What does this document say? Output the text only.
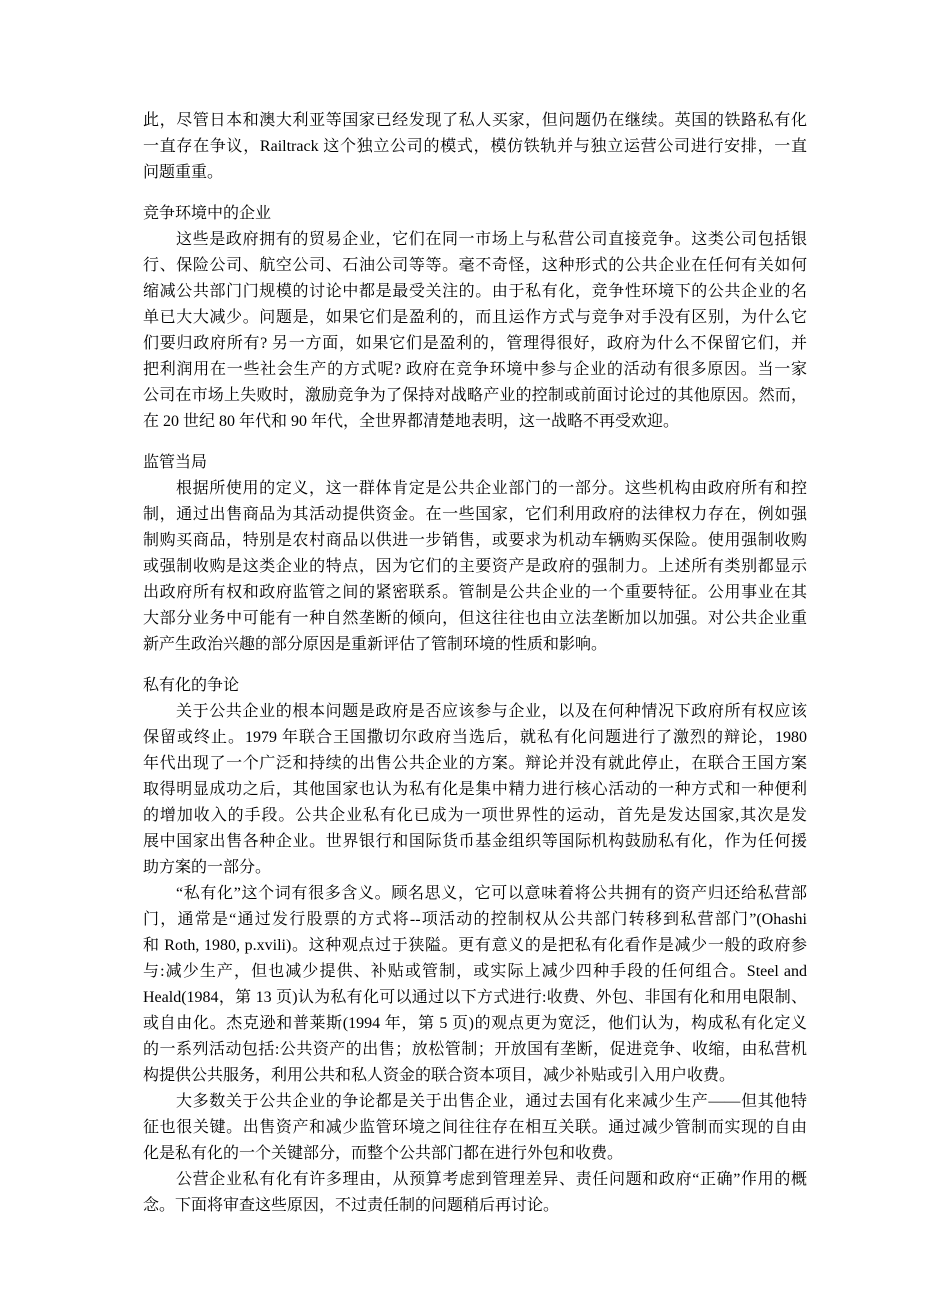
此，尽管日本和澳大利亚等国家已经发现了私人买家，但问题仍在继续。英国的铁路私有化
一直存在争议，Railtrack 这个独立公司的模式，模仿铁轨并与独立运营公司进行安排，一直
问题重重。
竞争环境中的企业
这些是政府拥有的贸易企业，它们在同一市场上与私营公司直接竞争。这类公司包括银
行、保险公司、航空公司、石油公司等等。毫不奇怪，这种形式的公共企业在任何有关如何
缩减公共部门门规模的讨论中都是最受关注的。由于私有化，竞争性环境下的公共企业的名
单已大大减少。问题是，如果它们是盈利的，而且运作方式与竞争对手没有区别，为什么它
们要归政府所有? 另一方面，如果它们是盈利的，管理得很好，政府为什么不保留它们，并
把利润用在一些社会生产的方式呢? 政府在竞争环境中参与企业的活动有很多原因。当一家
公司在市场上失败时，激励竞争为了保持对战略产业的控制或前面讨论过的其他原因。然而，
在 20 世纪 80 年代和 90 年代，全世界都清楚地表明，这一战略不再受欢迎。
监管当局
根据所使用的定义，这一群体肯定是公共企业部门的一部分。这些机构由政府所有和控
制，通过出售商品为其活动提供资金。在一些国家，它们利用政府的法律权力存在，例如强
制购买商品，特别是农村商品以供进一步销售，或要求为机动车辆购买保险。使用强制收购
或强制收购是这类企业的特点，因为它们的主要资产是政府的强制力。上述所有类别都显示
出政府所有权和政府监管之间的紧密联系。管制是公共企业的一个重要特征。公用事业在其
大部分业务中可能有一种自然垄断的倾向，但这往往也由立法垄断加以加强。对公共企业重
新产生政治兴趣的部分原因是重新评估了管制环境的性质和影响。
私有化的争论
关于公共企业的根本问题是政府是否应该参与企业，以及在何种情况下政府所有权应该
保留或终止。1979 年联合王国撒切尔政府当选后，就私有化问题进行了激烈的辩论，1980
年代出现了一个广泛和持续的出售公共企业的方案。辩论并没有就此停止，在联合王国方案
取得明显成功之后，其他国家也认为私有化是集中精力进行核心活动的一种方式和一种便利
的增加收入的手段。公共企业私有化已成为一项世界性的运动，首先是发达国家,其次是发
展中国家出售各种企业。世界银行和国际货币基金组织等国际机构鼓励私有化，作为任何援
助方案的一部分。
“私有化”这个词有很多含义。顾名思义，它可以意味着将公共拥有的资产归还给私营部
门，通常是“通过发行股票的方式将--项活动的控制权从公共部门转移到私营部门”(Ohashi
和 Roth, 1980, p.xvili)。这种观点过于狭隘。更有意义的是把私有化看作是减少一般的政府参
与:减少生产，但也减少提供、补贴或管制，或实际上减少四种手段的任何组合。Steel and
Heald(1984，第 13 页)认为私有化可以通过以下方式进行:收费、外包、非国有化和用电限制、
或自由化。杰克逊和普莱斯(1994 年，第 5 页)的观点更为宽泛，他们认为，构成私有化定义
的一系列活动包括:公共资产的出售；放松管制；开放国有垄断，促进竞争、收缩，由私营机
构提供公共服务，利用公共和私人资金的联合资本项目，减少补贴或引入用户收费。
大多数关于公共企业的争论都是关于出售企业，通过去国有化来减少生产——但其他特
征也很关键。出售资产和减少监管环境之间往往存在相互关联。通过减少管制而实现的自由
化是私有化的一个关键部分，而整个公共部门都在进行外包和收费。
公营企业私有化有许多理由，从预算考虑到管理差异、责任问题和政府“正确”作用的概
念。下面将审查这些原因，不过责任制的问题稍后再讨论。
